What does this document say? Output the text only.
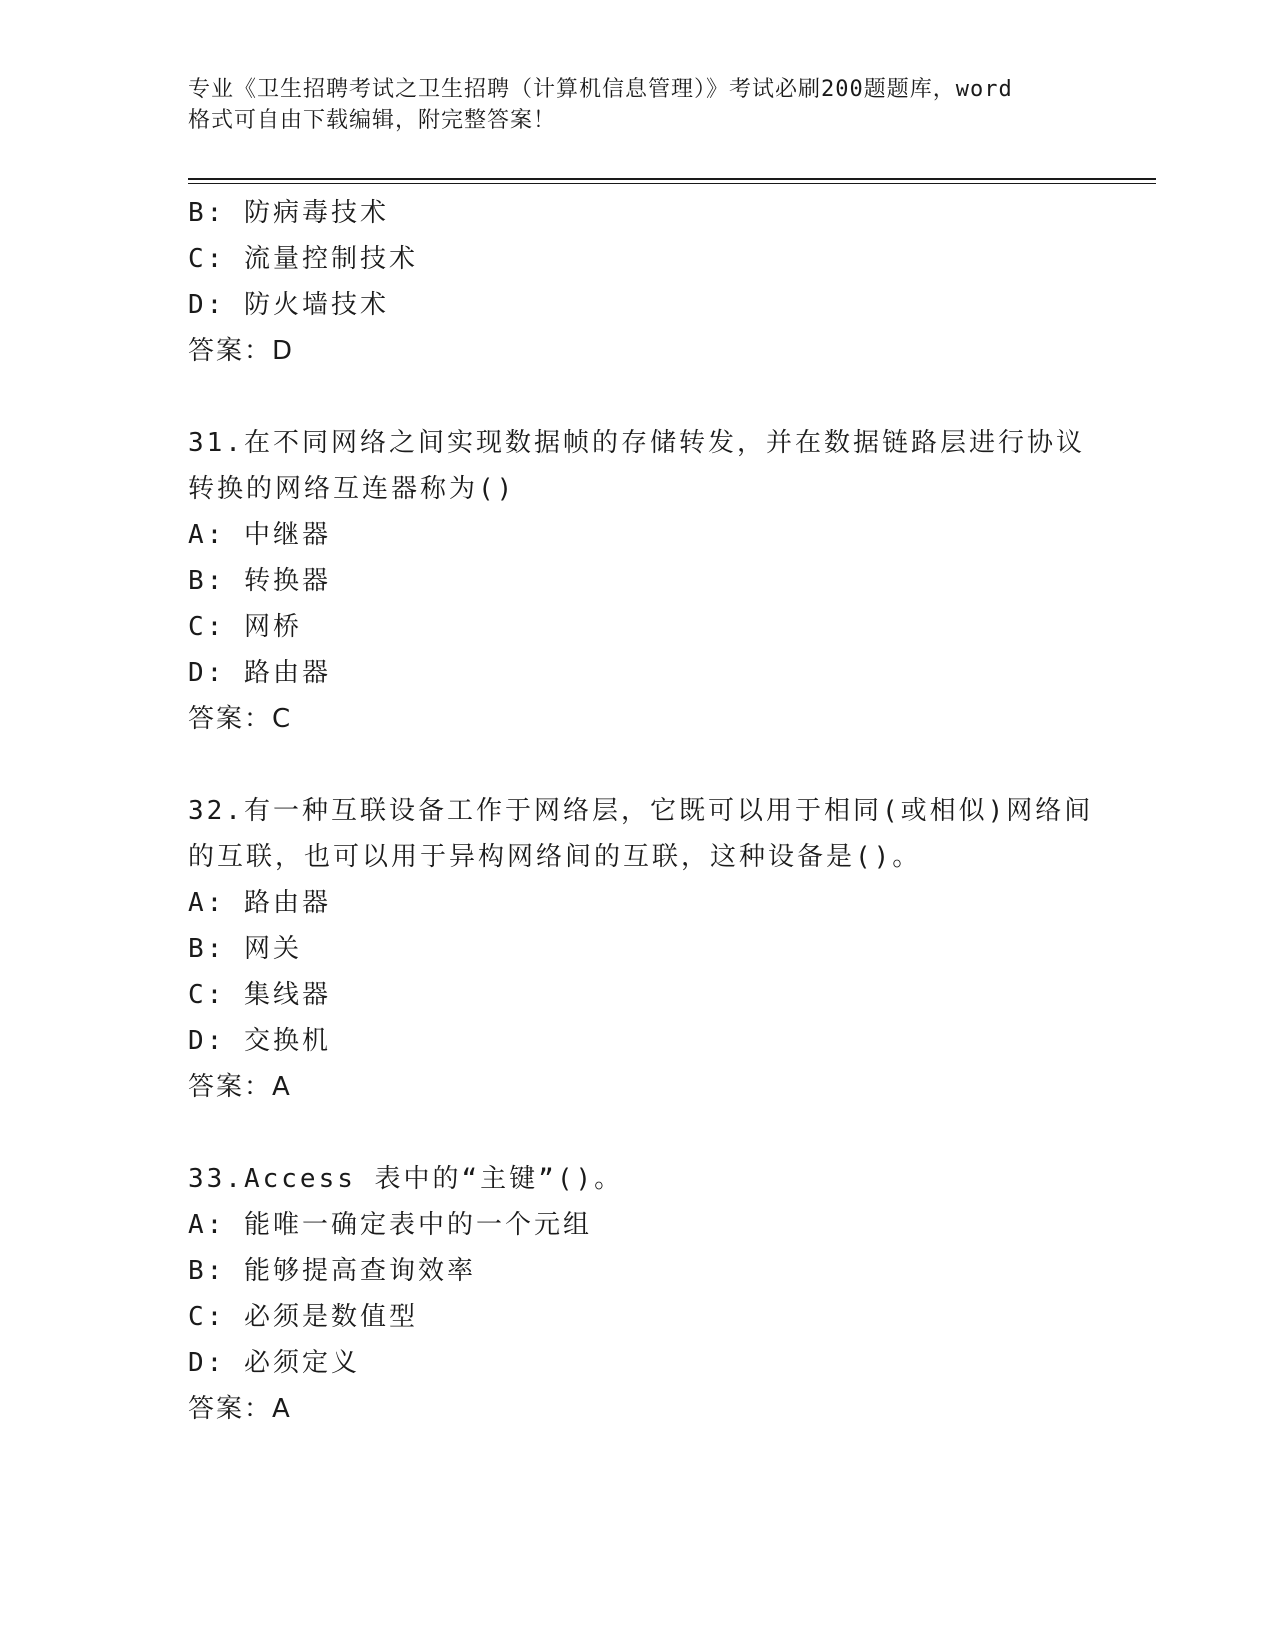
专业《卫生招聘考试之卫生招聘（计算机信息管理）》考试必刷200题题库，word
格式可自由下载编辑，附完整答案！
B: 防病毒技术
C: 流量控制技术
D: 防火墙技术
答案：D
31.在不同网络之间实现数据帧的存储转发，并在数据链路层进行协议
转换的网络互连器称为()
A: 中继器
B: 转换器
C: 网桥
D: 路由器
答案：C
32.有一种互联设备工作于网络层，它既可以用于相同(或相似)网络间
的互联，也可以用于异构网络间的互联，这种设备是()。
A: 路由器
B: 网关
C: 集线器
D: 交换机
答案：A
33.Access 表中的“主键”()。
A: 能唯一确定表中的一个元组
B: 能够提高查询效率
C: 必须是数值型
D: 必须定义
答案：A
